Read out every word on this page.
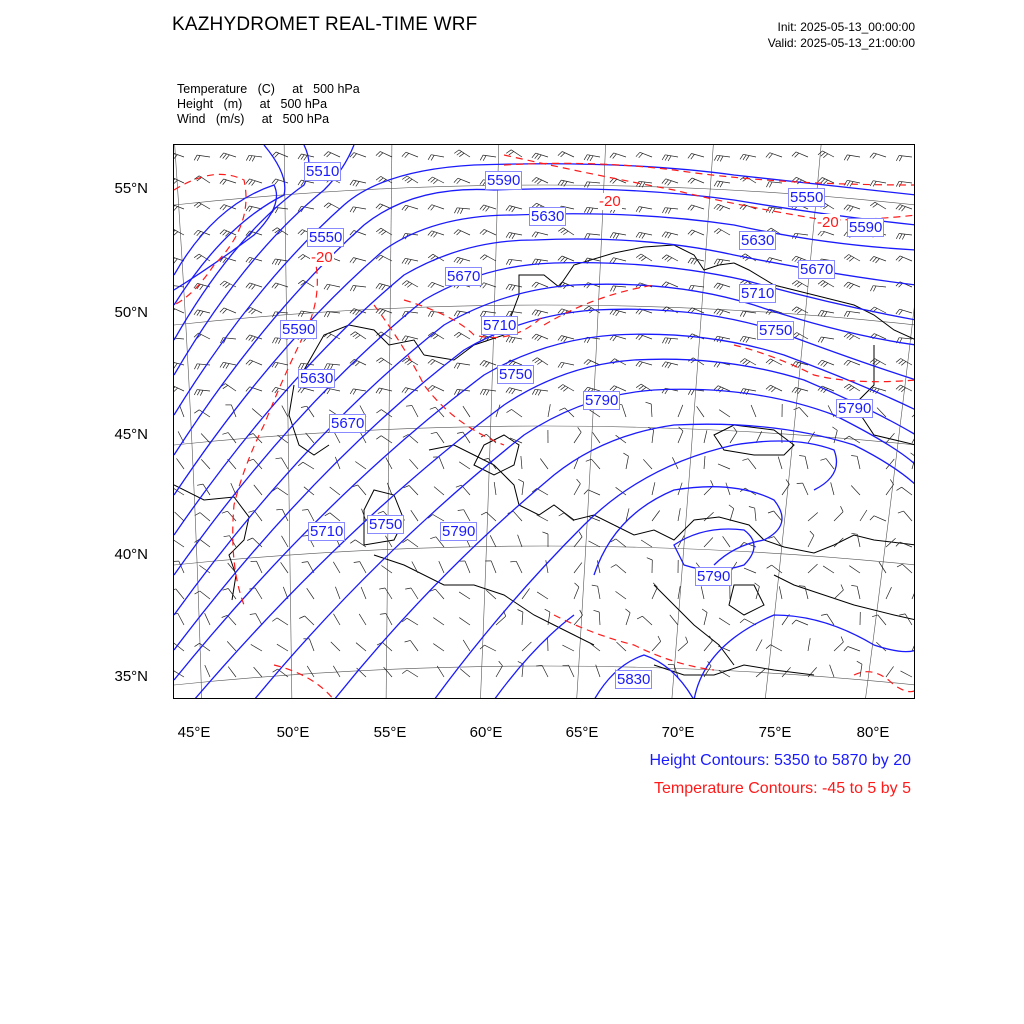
KAZHYDROMET REAL-TIME WRF	Init: 2025-05-13_00:00:00
Valid: 2025-05-13_21:00:00
Temperature   (C)     at   500 hPa
Height   (m)     at   500 hPa
Wind   (m/s)     at   500 hPa
55°N
50°N
45°N
40°N
35°N
45°E	50°E	55°E	60°E	65°E	70°E	75°E	80°E
5510
5590
5630
5550
5590
5550
5630
5670	5670
5710
5590	5710	5750
5630	5750
5790
5670
5790
5710 5750	5790
5790
5830
-20
-20
-20
Height Contours: 5350 to 5870 by 20
Temperature Contours: -45 to 5 by 5
